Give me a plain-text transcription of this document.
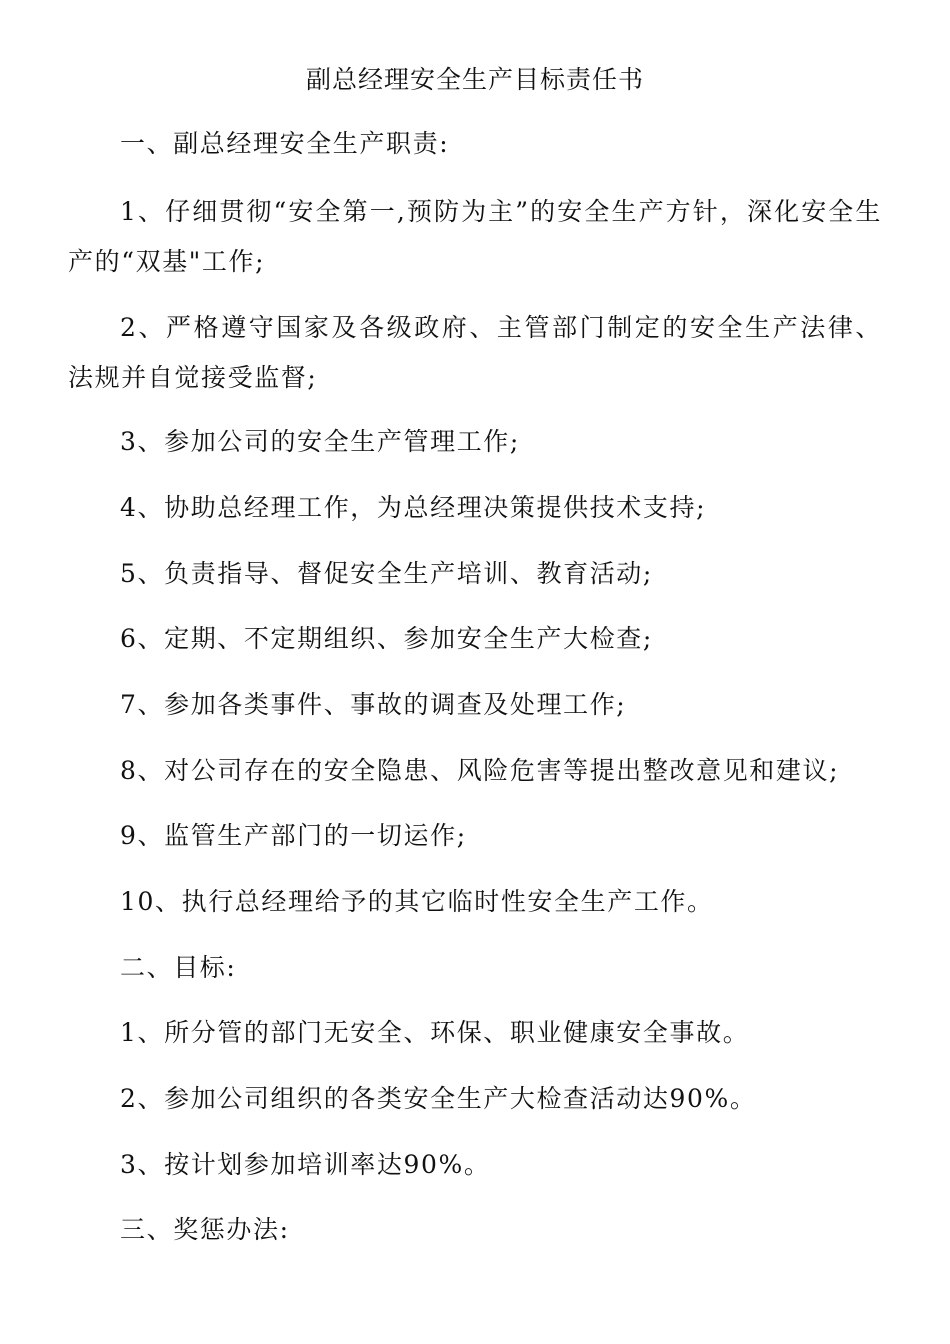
副总经理安全生产目标责任书

一、副总经理安全生产职责:

1、仔细贯彻“安全第一,预防为主”的安全生产方针，深化安全生产的“双基"工作;

2、严格遵守国家及各级政府、主管部门制定的安全生产法律、法规并自觉接受监督;

3、参加公司的安全生产管理工作;

4、协助总经理工作，为总经理决策提供技术支持;

5、负责指导、督促安全生产培训、教育活动;

6、定期、不定期组织、参加安全生产大检查;

7、参加各类事件、事故的调查及处理工作;

8、对公司存在的安全隐患、风险危害等提出整改意见和建议;

9、监管生产部门的一切运作;

10、执行总经理给予的其它临时性安全生产工作。

二、目标:

1、所分管的部门无安全、环保、职业健康安全事故。

2、参加公司组织的各类安全生产大检查活动达90%。

3、按计划参加培训率达90%。

三、奖惩办法:
